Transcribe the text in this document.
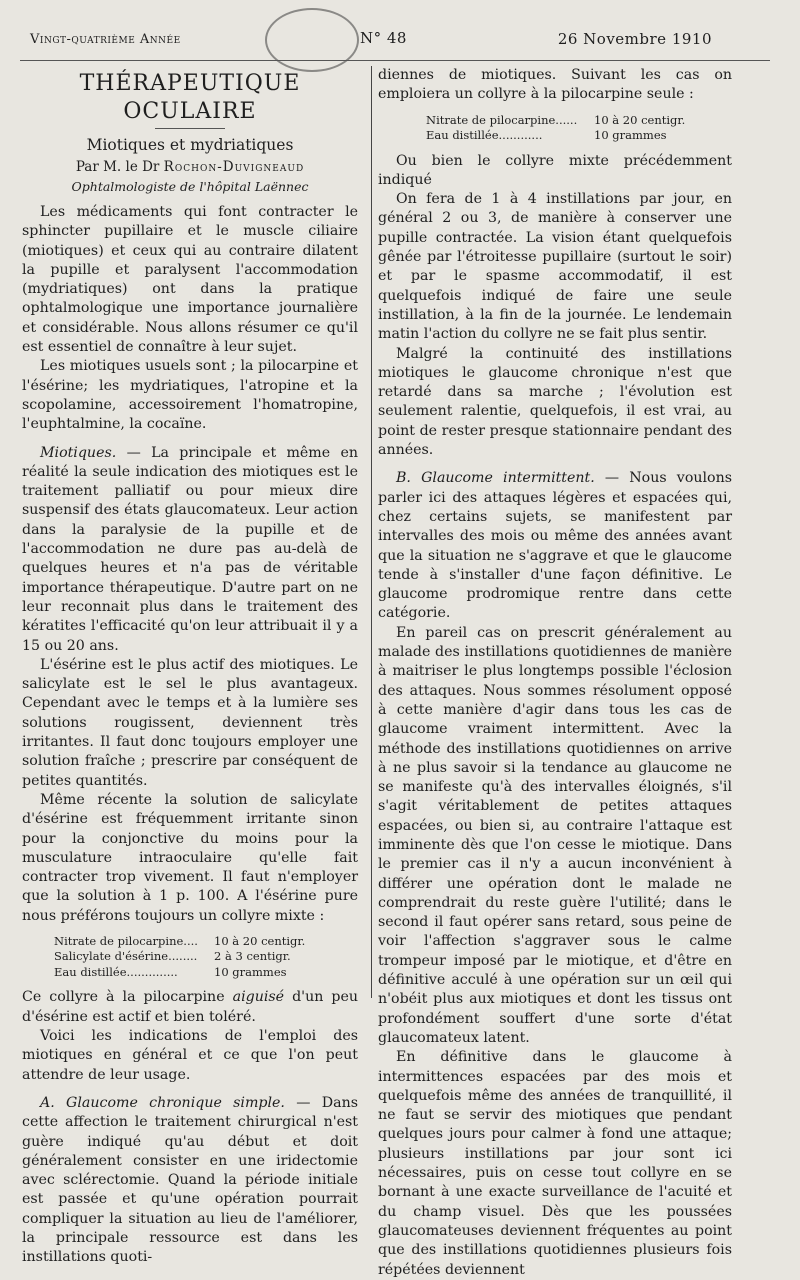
Vingt-quatrième Année	N° 48	26 Novembre 1910
THÉRAPEUTIQUE OCULAIRE
Miotiques et mydriatiques
Par M. le Dr Rochon-Duvigneaud
Ophtalmologiste de l'hôpital Laënnec

Les médicaments qui font contracter le sphincter pupillaire et le muscle ciliaire (miotiques) et ceux qui au contraire dilatent la pupille et paralysent l'accommodation (mydriatiques) ont dans la pratique ophtalmologique une importance journalière et considérable. Nous allons résumer ce qu'il est essentiel de connaître à leur sujet.

Les miotiques usuels sont ; la pilocarpine et l'ésérine; les mydriatiques, l'atropine et la scopolamine, accessoirement l'homatropine, l'euphtalmine, la cocaïne.

Miotiques. — La principale et même en réalité la seule indication des miotiques est le traitement palliatif ou pour mieux dire suspensif des états glaucomateux. Leur action dans la paralysie de la pupille et de l'accommodation ne dure pas au-delà de quelques heures et n'a pas de véritable importance thérapeutique. D'autre part on ne leur reconnait plus dans le traitement des kératites l'efficacité qu'on leur attribuait il y a 15 ou 20 ans.

L'ésérine est le plus actif des miotiques. Le salicylate est le sel le plus avantageux. Cependant avec le temps et à la lumière ses solutions rougissent, deviennent très irritantes. Il faut donc toujours employer une solution fraîche ; prescrire par conséquent de petites quantités.

Même récente la solution de salicylate d'ésérine est fréquemment irritante sinon pour la conjonctive du moins pour la musculature intraoculaire qu'elle fait contracter trop vivement. Il faut n'employer que la solution à 1 p. 100. A l'ésérine pure nous préférons toujours un collyre mixte :

Nitrate de pilocarpine....	10 à 20 centigr.
Salicylate d'ésérine........	2 à 3 centigr.
Eau distillée..............	10 grammes

Ce collyre à la pilocarpine aiguisé d'un peu d'ésérine est actif et bien toléré.

Voici les indications de l'emploi des miotiques en général et ce que l'on peut attendre de leur usage.

A. Glaucome chronique simple. — Dans cette affection le traitement chirurgical n'est guère indiqué qu'au début et doit généralement consister en une iridectomie avec sclérectomie. Quand la période initiale est passée et qu'une opération pourrait compliquer la situation au lieu de l'améliorer, la principale ressource est dans les instillations quoti-

diennes de miotiques. Suivant les cas on emploiera un collyre à la pilocarpine seule :

Nitrate de pilocarpine......	10 à 20 centigr.
Eau distillée............	10 grammes

Ou bien le collyre mixte précédemment indiqué

On fera de 1 à 4 instillations par jour, en général 2 ou 3, de manière à conserver une pupille contractée. La vision étant quelquefois gênée par l'étroitesse pupillaire (surtout le soir) et par le spasme accommodatif, il est quelquefois indiqué de faire une seule instillation, à la fin de la journée. Le lendemain matin l'action du collyre ne se fait plus sentir.

Malgré la continuité des instillations miotiques le glaucome chronique n'est que retardé dans sa marche ; l'évolution est seulement ralentie, quelquefois, il est vrai, au point de rester presque stationnaire pendant des années.

B. Glaucome intermittent. — Nous voulons parler ici des attaques légères et espacées qui, chez certains sujets, se manifestent par intervalles des mois ou même des années avant que la situation ne s'aggrave et que le glaucome tende à s'installer d'une façon définitive. Le glaucome prodromique rentre dans cette catégorie.

En pareil cas on prescrit généralement au malade des instillations quotidiennes de manière à maitriser le plus longtemps possible l'éclosion des attaques. Nous sommes résolument opposé à cette manière d'agir dans tous les cas de glaucome vraiment intermittent. Avec la méthode des instillations quotidiennes on arrive à ne plus savoir si la tendance au glaucome ne se manifeste qu'à des intervalles éloignés, s'il s'agit véritablement de petites attaques espacées, ou bien si, au contraire l'attaque est imminente dès que l'on cesse le miotique. Dans le premier cas il n'y a aucun inconvénient à différer une opération dont le malade ne comprendrait du reste guère l'utilité; dans le second il faut opérer sans retard, sous peine de voir l'affection s'aggraver sous le calme trompeur imposé par le miotique, et d'être en définitive acculé à une opération sur un œil qui n'obéit plus aux miotiques et dont les tissus ont profondément souffert d'une sorte d'état glaucomateux latent.

En définitive dans le glaucome à intermittences espacées par des mois et quelquefois même des années de tranquillité, il ne faut se servir des miotiques que pendant quelques jours pour calmer à fond une attaque; plusieurs instillations par jour sont ici nécessaires, puis on cesse tout collyre en se bornant à une exacte surveillance de l'acuité et du champ visuel. Dès que les poussées glaucomateuses deviennent fréquentes au point que des instillations quotidiennes plusieurs fois répétées deviennent
